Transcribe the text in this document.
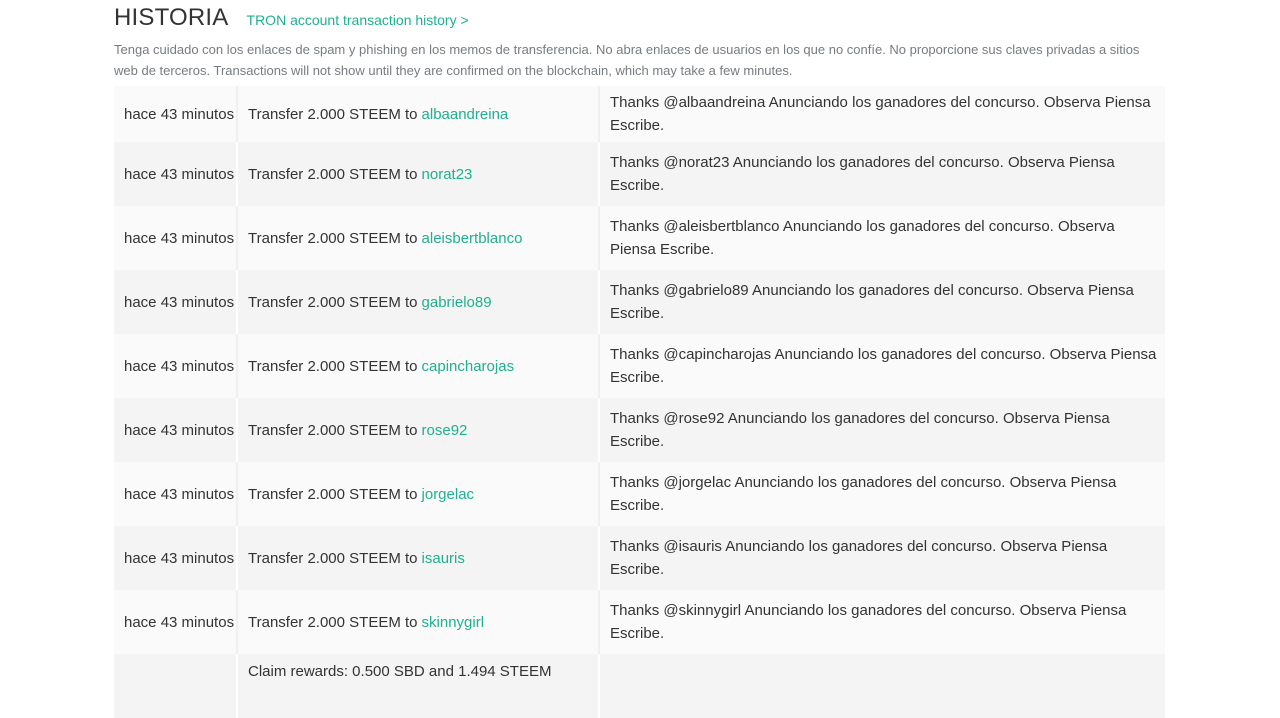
HISTORIA TRON account transaction history >
Tenga cuidado con los enlaces de spam y phishing en los memos de transferencia. No abra enlaces de usuarios en los que no confíe. No proporcione sus claves privadas a sitios web de terceros. Transactions will not show until they are confirmed on the blockchain, which may take a few minutes.
hace 43 minutos Transfer 2.000 STEEM to albaandreina
Thanks @albaandreina Anunciando los ganadores del concurso. Observa Piensa Escribe.
hace 43 minutos Transfer 2.000 STEEM to norat23
Thanks @norat23 Anunciando los ganadores del concurso. Observa Piensa Escribe.
hace 43 minutos Transfer 2.000 STEEM to aleisbertblanco
Thanks @aleisbertblanco Anunciando los ganadores del concurso. Observa Piensa Escribe.
hace 43 minutos Transfer 2.000 STEEM to gabrielo89
Thanks @gabrielo89 Anunciando los ganadores del concurso. Observa Piensa Escribe.
hace 43 minutos Transfer 2.000 STEEM to capincharojas
Thanks @capincharojas Anunciando los ganadores del concurso. Observa Piensa Escribe.
hace 43 minutos Transfer 2.000 STEEM to rose92
Thanks @rose92 Anunciando los ganadores del concurso. Observa Piensa Escribe.
hace 43 minutos Transfer 2.000 STEEM to jorgelac
Thanks @jorgelac Anunciando los ganadores del concurso. Observa Piensa Escribe.
hace 43 minutos Transfer 2.000 STEEM to isauris
Thanks @isauris Anunciando los ganadores del concurso. Observa Piensa Escribe.
hace 43 minutos Transfer 2.000 STEEM to skinnygirl
Thanks @skinnygirl Anunciando los ganadores del concurso. Observa Piensa Escribe.
Claim rewards: 0.500 SBD and 1.494 STEEM
